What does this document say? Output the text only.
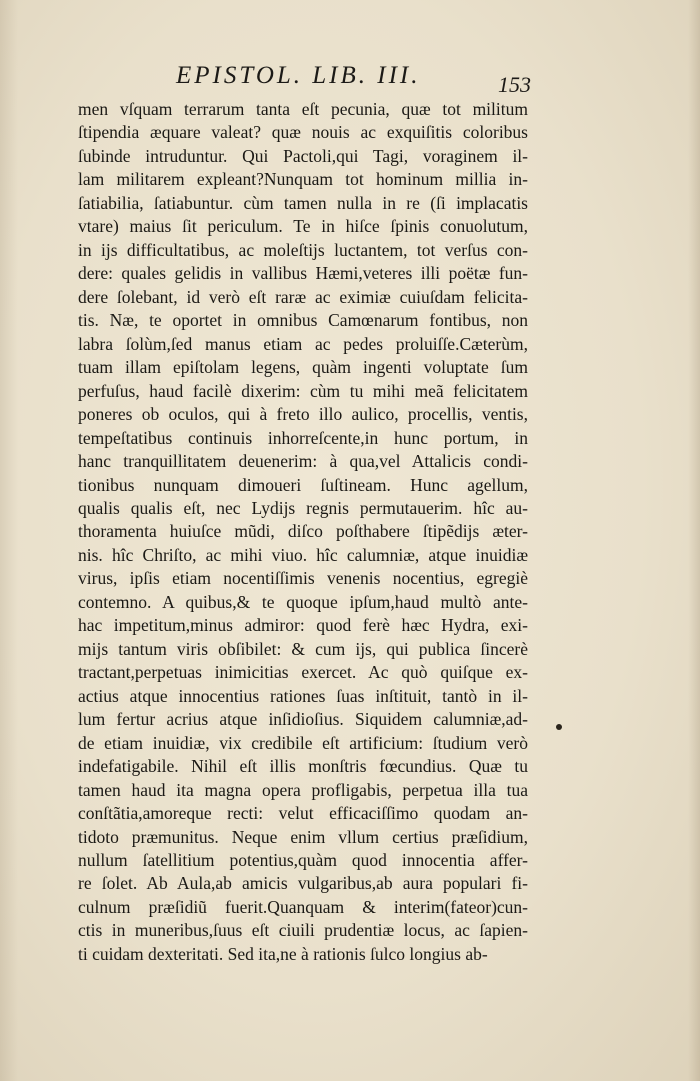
EPISTOL. LIB. III.	153
men vſquam terrarum tanta eſt pecunia, quæ tot militum
ſtipendia æquare valeat? quæ nouis ac exquiſitis coloribus
ſubinde intruduntur. Qui Pactoli,qui Tagi, voraginem il-
lam militarem expleant?Nunquam tot hominum millia in-
ſatiabilia, ſatiabuntur. cùm tamen nulla in re (ſi implacatis
vtare) maius ſit periculum. Te in hiſce ſpinis conuolutum,
in ijs difficultatibus, ac moleſtijs luctantem, tot verſus con-
dere: quales gelidis in vallibus Hæmi,veteres illi poëtæ fun-
dere ſolebant, id verò eſt raræ ac eximiæ cuiuſdam felicita-
tis. Næ, te oportet in omnibus Camœnarum fontibus, non
labra ſolùm,ſed manus etiam ac pedes proluiſſe.Cæterùm,
tuam illam epiſtolam legens, quàm ingenti voluptate ſum
perfuſus, haud facilè dixerim: cùm tu mihi meã felicitatem
poneres ob oculos, qui à freto illo aulico, procellis, ventis,
tempeſtatibus continuis inhorreſcente,in hunc portum, in
hanc tranquillitatem deuenerim: à qua,vel Attalicis condi-
tionibus nunquam dimoueri ſuſtineam. Hunc agellum,
qualis qualis eſt, nec Lydijs regnis permutauerim. hîc au-
thoramenta huiuſce mũdi, diſco poſthabere ſtipẽdijs æter-
nis. hîc Chriſto, ac mihi viuo. hîc calumniæ, atque inuidiæ
virus, ipſis etiam nocentiſſimis venenis nocentius, egregiè
contemno. A quibus,& te quoque ipſum,haud multò ante-
hac impetitum,minus admiror: quod ferè hæc Hydra, exi-
mijs tantum viris obſibilet: & cum ijs, qui publica ſincerè
tractant,perpetuas inimicitias exercet. Ac quò quiſque ex-
actius atque innocentius rationes ſuas inſtituit, tantò in il-
lum fertur acrius atque inſidioſius. Siquidem calumniæ,ad-
de etiam inuidiæ, vix credibile eſt artificium: ſtudium verò
indefatigabile. Nihil eſt illis monſtris fœcundius. Quæ tu
tamen haud ita magna opera profligabis, perpetua illa tua
conſtãtia,amoreque recti: velut efficaciſſimo quodam an-
tidoto præmunitus. Neque enim vllum certius præſidium,
nullum ſatellitium potentius,quàm quod innocentia affer-
re ſolet. Ab Aula,ab amicis vulgaribus,ab aura populari fi-
culnum præſidiũ fuerit.Quanquam & interim(fateor)cun-
ctis in muneribus,ſuus eſt ciuili prudentiæ locus, ac ſapien-
ti cuidam dexteritati. Sed ita,ne à rationis ſulco longius ab-
